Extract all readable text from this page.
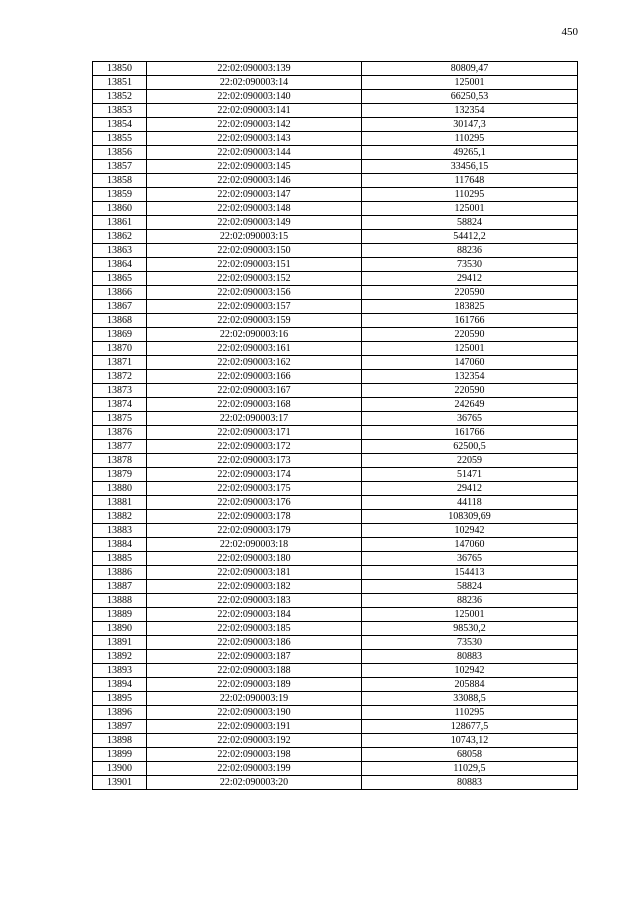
450
13850	22:02:090003:139	80809,47
13851	22:02:090003:14	125001
13852	22:02:090003:140	66250,53
13853	22:02:090003:141	132354
13854	22:02:090003:142	30147,3
13855	22:02:090003:143	110295
13856	22:02:090003:144	49265,1
13857	22:02:090003:145	33456,15
13858	22:02:090003:146	117648
13859	22:02:090003:147	110295
13860	22:02:090003:148	125001
13861	22:02:090003:149	58824
13862	22:02:090003:15	54412,2
13863	22:02:090003:150	88236
13864	22:02:090003:151	73530
13865	22:02:090003:152	29412
13866	22:02:090003:156	220590
13867	22:02:090003:157	183825
13868	22:02:090003:159	161766
13869	22:02:090003:16	220590
13870	22:02:090003:161	125001
13871	22:02:090003:162	147060
13872	22:02:090003:166	132354
13873	22:02:090003:167	220590
13874	22:02:090003:168	242649
13875	22:02:090003:17	36765
13876	22:02:090003:171	161766
13877	22:02:090003:172	62500,5
13878	22:02:090003:173	22059
13879	22:02:090003:174	51471
13880	22:02:090003:175	29412
13881	22:02:090003:176	44118
13882	22:02:090003:178	108309,69
13883	22:02:090003:179	102942
13884	22:02:090003:18	147060
13885	22:02:090003:180	36765
13886	22:02:090003:181	154413
13887	22:02:090003:182	58824
13888	22:02:090003:183	88236
13889	22:02:090003:184	125001
13890	22:02:090003:185	98530,2
13891	22:02:090003:186	73530
13892	22:02:090003:187	80883
13893	22:02:090003:188	102942
13894	22:02:090003:189	205884
13895	22:02:090003:19	33088,5
13896	22:02:090003:190	110295
13897	22:02:090003:191	128677,5
13898	22:02:090003:192	10743,12
13899	22:02:090003:198	68058
13900	22:02:090003:199	11029,5
13901	22:02:090003:20	80883
